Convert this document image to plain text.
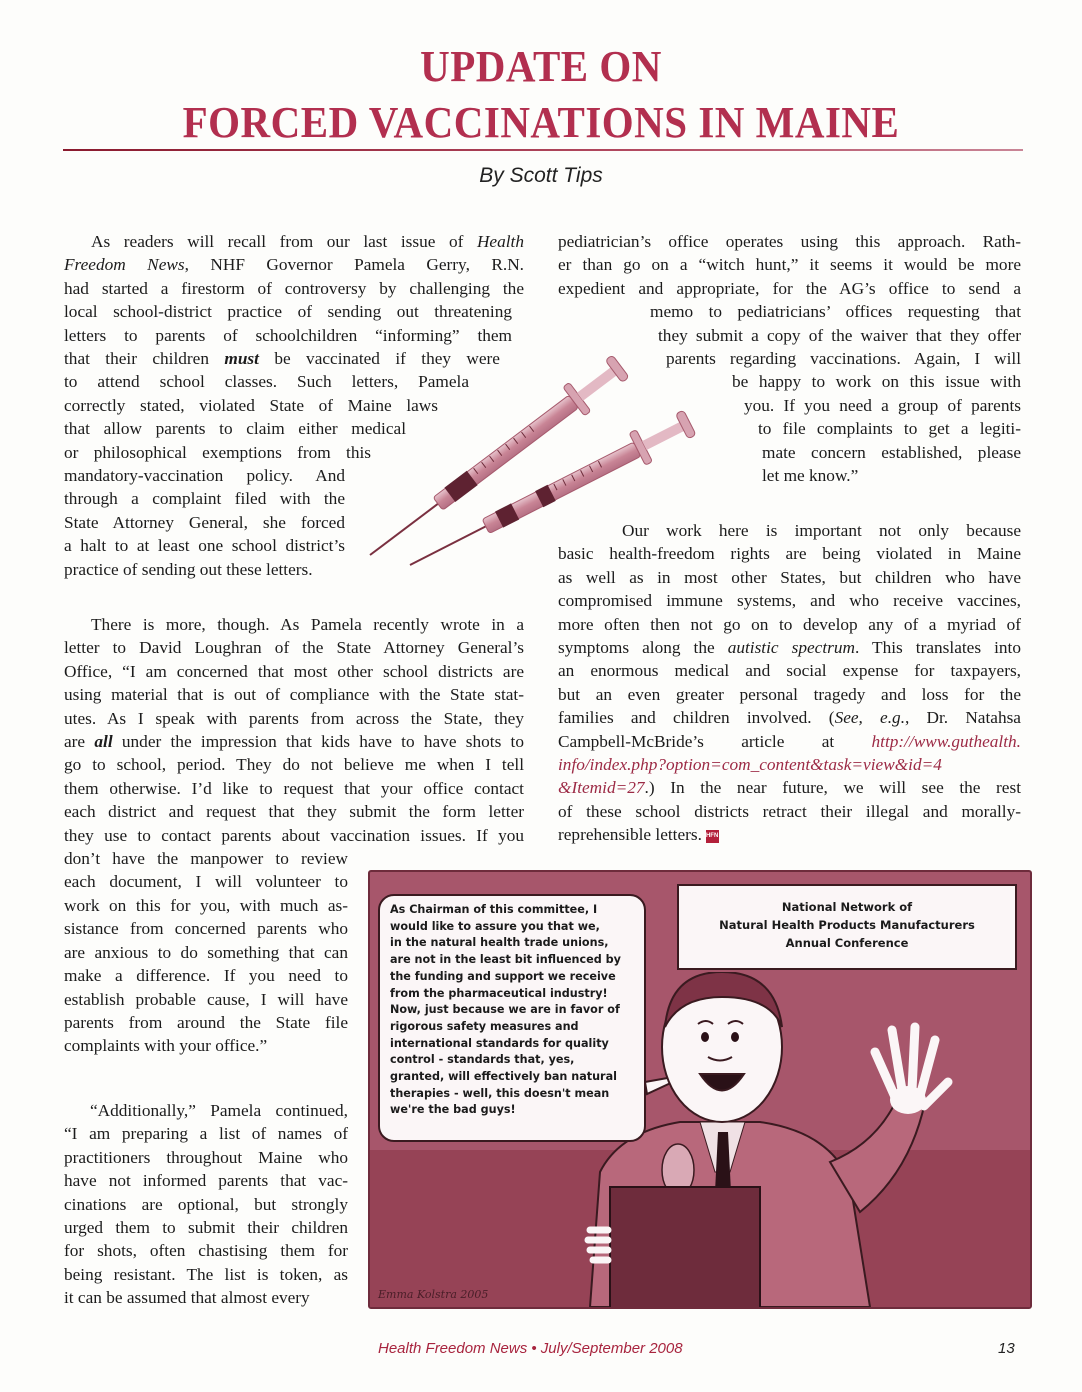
UPDATE ON
FORCED VACCINATIONS IN MAINE
By Scott Tips
As readers will recall from our last issue of Health
Freedom News, NHF Governor Pamela Gerry, R.N.
had started a firestorm of controversy by challenging the
local school-district practice of sending out threatening
letters to parents of schoolchildren “informing” them
that their children must be vaccinated if they were
to attend school classes. Such letters, Pamela
correctly stated, violated State of Maine laws
that allow parents to claim either medical
or philosophical exemptions from this
mandatory-vaccination policy. And
through a complaint filed with the
State Attorney General, she forced
a halt to at least one school district’s
practice of sending out these letters.
There is more, though. As Pamela recently wrote in a
letter to David Loughran of the State Attorney General’s
Office, “I am concerned that most other school districts are
using material that is out of compliance with the State stat-
utes. As I speak with parents from across the State, they
are all under the impression that kids have to have shots to
go to school, period. They do not believe me when I tell
them otherwise. I’d like to request that your office contact
each district and request that they submit the form letter
they use to contact parents about vaccination issues. If you
don’t have the manpower to review
each document, I will volunteer to
work on this for you, with much as-
sistance from concerned parents who
are anxious to do something that can
make a difference. If you need to
establish probable cause, I will have
parents from around the State file
complaints with your office.”
“Additionally,” Pamela continued,
“I am preparing a list of names of
practitioners throughout Maine who
have not informed parents that vac-
cinations are optional, but strongly
urged them to submit their children
for shots, often chastising them for
being resistant. The list is token, as
it can be assumed that almost every
pediatrician’s office operates using this approach. Rath-
er than go on a “witch hunt,” it seems it would be more
expedient and appropriate, for the AG’s office to send a
memo to pediatricians’ offices requesting that
they submit a copy of the waiver that they offer
parents regarding vaccinations. Again, I will
be happy to work on this issue with
you. If you need a group of parents
to file complaints to get a legiti-
mate concern established, please
let me know.”
Our work here is important not only because
basic health-freedom rights are being violated in Maine
as well as in most other States, but children who have
compromised immune systems, and who receive vaccines,
more often then not go on to develop any of a myriad of
symptoms along the autistic spectrum. This translates into
an enormous medical and social expense for taxpayers,
but an even greater personal tragedy and loss for the
families and children involved. (See, e.g., Dr. Natahsa
Campbell-McBride’s article at http://www.guthealth.
info/index.php?option=com_content&task=view&id=4
&Itemid=27.) In the near future, we will see the rest
of these school districts retract their illegal and morally-
reprehensible letters. HFN
National Network of
Natural Health Products Manufacturers
Annual Conference
As Chairman of this committee, I
would like to assure you that we,
in the natural health trade unions,
are not in the least bit influenced by
the funding and support we receive
from the pharmaceutical industry!
Now, just because we are in favor of
rigorous safety measures and
international standards for quality
control - standards that, yes,
granted, will effectively ban natural
therapies - well, this doesn't mean
we're the bad guys!
Emma Kolstra 2005
Health Freedom News • July/September 2008	13
